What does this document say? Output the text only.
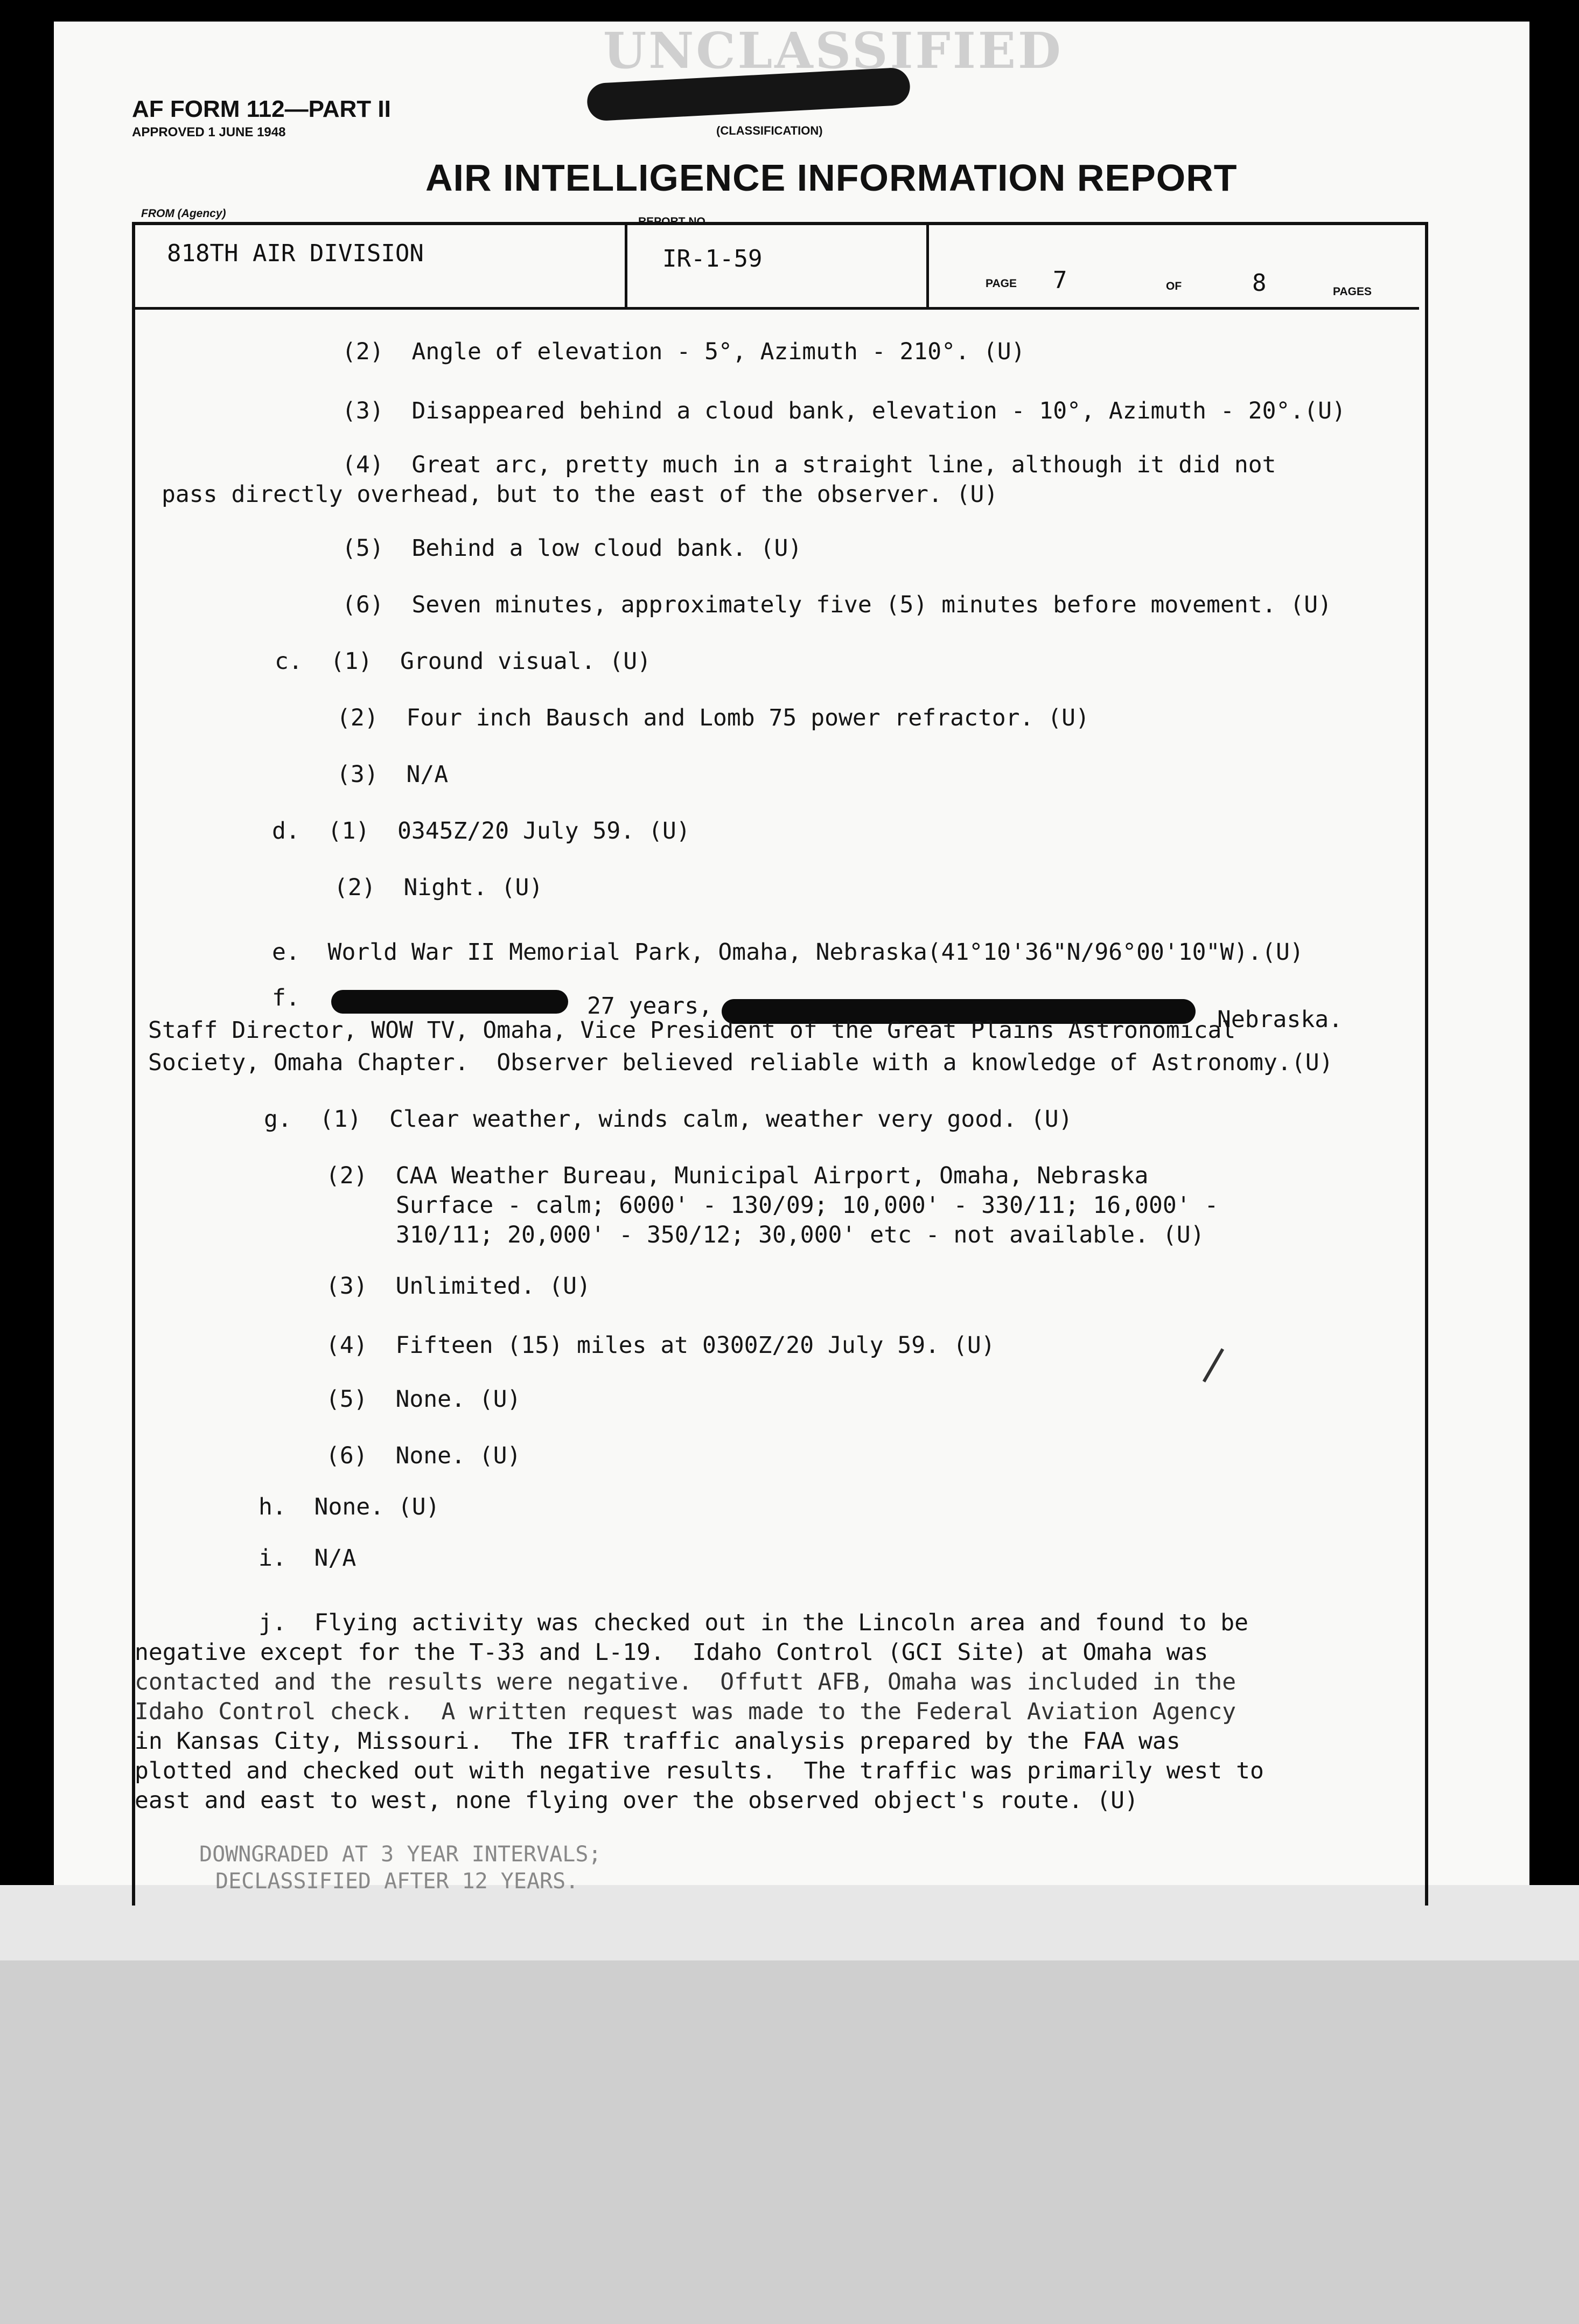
UNCLASSIFIED
AF FORM 112—PART II
APPROVED 1 JUNE 1948	(CLASSIFICATION)
AIR INTELLIGENCE INFORMATION REPORT
FROM (Agency)
818TH AIR DIVISION
REPORT NO.
IR-1-59
PAGE 7	OF	8	PAGES
(2)  Angle of elevation - 5°, Azimuth - 210°. (U)
(3)  Disappeared behind a cloud bank, elevation - 10°, Azimuth - 20°.(U)
(4)  Great arc, pretty much in a straight line, although it did not
pass directly overhead, but to the east of the observer. (U)
(5)  Behind a low cloud bank. (U)
(6)  Seven minutes, approximately five (5) minutes before movement. (U)
c.  (1)  Ground visual. (U)
(2)  Four inch Bausch and Lomb 75 power refractor. (U)
(3)  N/A
d.  (1)  0345Z/20 July 59. (U)
(2)  Night. (U)
e.  World War II Memorial Park, Omaha, Nebraska(41°10'36"N/96°00'10"W).(U)
f.	27 years,	Nebraska.
Staff Director, WOW TV, Omaha, Vice President of the Great Plains Astronomical
Society, Omaha Chapter.  Observer believed reliable with a knowledge of Astronomy.(U)
g.  (1)  Clear weather, winds calm, weather very good. (U)
(2)  CAA Weather Bureau, Municipal Airport, Omaha, Nebraska
Surface - calm; 6000' - 130/09; 10,000' - 330/11; 16,000' -
310/11; 20,000' - 350/12; 30,000' etc - not available. (U)
(3)  Unlimited. (U)
(4)  Fifteen (15) miles at 0300Z/20 July 59. (U)
(5)  None. (U)
(6)  None. (U)
h.  None. (U)
i.  N/A
j.  Flying activity was checked out in the Lincoln area and found to be
negative except for the T-33 and L-19.  Idaho Control (GCI Site) at Omaha was
contacted and the results were negative.  Offutt AFB, Omaha was included in the
Idaho Control check.  A written request was made to the Federal Aviation Agency
in Kansas City, Missouri.  The IFR traffic analysis prepared by the FAA was
plotted and checked out with negative results.  The traffic was primarily west to
east and east to west, none flying over the observed object's route. (U)
DOWNGRADED AT 3 YEAR INTERVALS;
DECLASSIFIED AFTER 12 YEARS.
